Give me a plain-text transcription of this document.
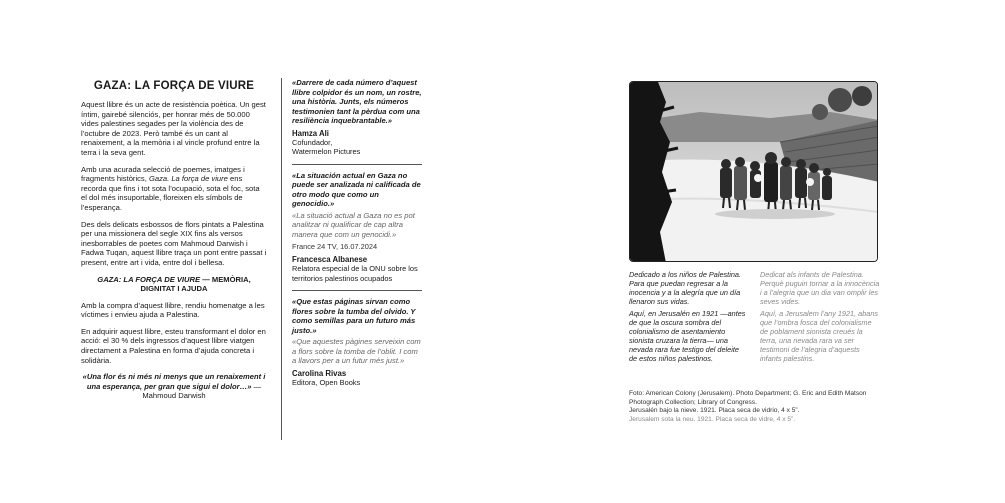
GAZA: LA FORÇA DE VIURE

Aquest llibre és un acte de resistència poètica. Un gest íntim, gairebé silenciós, per honrar més de 50.000 vides palestines segades per la violència des de l’octubre de 2023. Però també és un cant al renaixement, a la memòria i al vincle profund entre la terra i la seva gent.

Amb una acurada selecció de poemes, imatges i fragments històrics, Gaza. La força de viure ens recorda que fins i tot sota l’ocupació, sota el foc, sota el dol més insuportable, floreixen els símbols de l’esperança.

Des dels delicats esbossos de flors pintats a Palestina per una missionera del segle XIX fins als versos inesborrables de poetes com Mahmoud Darwish i Fadwa Tuqan, aquest llibre traça un pont entre passat i present, entre art i vida, entre dol i bellesa.

GAZA: LA FORÇA DE VIURE — MEMÒRIA, DIGNITAT I AJUDA

Amb la compra d’aquest llibre, rendiu homenatge a les víctimes i envieu ajuda a Palestina.

En adquirir aquest llibre, esteu transformant el dolor en acció: el 30 % dels ingressos d’aquest llibre viatgen directament a Palestina en forma d’ajuda concreta i solidària.

«Una flor és ni més ni menys que un renaixement i una esperança, per gran que sigui el dolor…» —Mahmoud Darwish

«Darrere de cada número d’aquest llibre colpidor és un nom, un rostre, una història. Junts, els números testimonien tant la pèrdua com una resiliència inquebrantable.»
Hamza Ali
Cofundador,
Watermelon Pictures
«La situación actual en Gaza no puede ser analizada ni calificada de otro modo que como un genocidio.»
«La situació actual a Gaza no es pot analitzar ni qualificar de cap altra manera que com un genocidi.»
France 24 TV, 16.07.2024
Francesca Albanese
Relatora especial de la ONU sobre los territorios palestinos ocupados
«Que estas páginas sirvan como flores sobre la tumba del olvido. Y como semillas para un futuro más justo.»
«Que aquestes pàgines serveixin com a flors sobre la tomba de l’oblit. I com a llavors per a un futur més just.»
Carolina Rivas
Editora, Open Books

Dedicado a los niños de Palestina. Para que puedan regresar a la inocencia y a la alegría que un día llenaron sus vidas.

Aquí, en Jerusalén en 1921 —antes de que la oscura sombra del colonialismo de asentamiento sionista cruzara la tierra— una nevada rara fue testigo del deleite de estos niños palestinos.

Dedicat als infants de Palestina. Perquè puguin tornar a la innocència i a l’alegria que un dia van omplir les seves vides.

Aquí, a Jerusalem l’any 1921, abans que l’ombra fosca del colonialisme de poblament sionista creués la terra, una nevada rara va ser testimoni de l’alegria d’aquests infants palestins.

Foto: American Colony (Jerusalem). Photo Department; G. Eric and Edith Matson Photograph Collection; Library of Congress.
Jerusalén bajo la nieve. 1921. Placa seca de vidrio, 4 x 5”.
Jerusalem sota la neu. 1921. Placa seca de vidre, 4 x 5”.
